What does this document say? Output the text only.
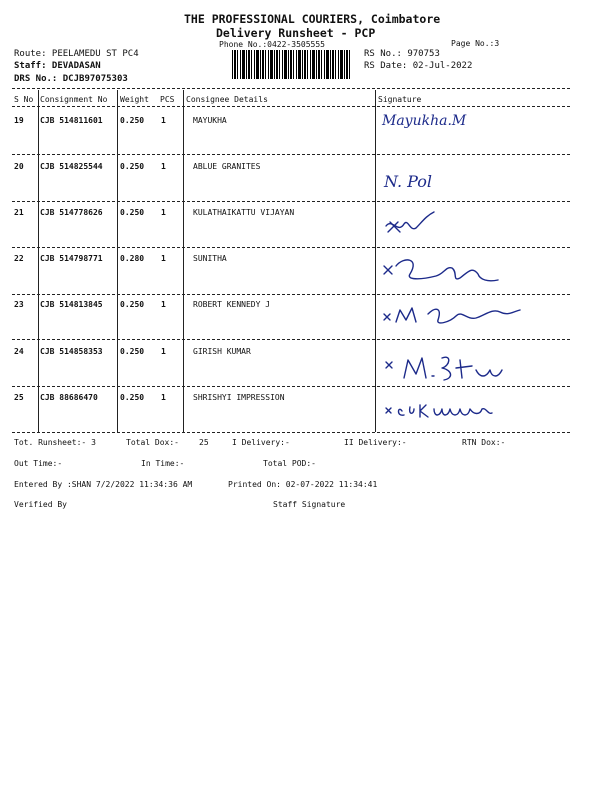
THE PROFESSIONAL COURIERS, Coimbatore
Delivery Runsheet - PCP
Phone No.:0422-3505555	Page No.:3
Route: PEELAMEDU ST PC4
Staff: DEVADASAN
DRS No.: DCJB97075303
RS No.: 970753
RS Date: 02-Jul-2022
S No Consignment No Weight PCS Consignee Details	Signature
19 CJB 514811601 0.250 1	MAYUKHA	Mayukha.M
20 CJB 514825544 0.250 1	ABLUE GRANITES
N. Pol
21 CJB 514778626 0.250 1	KULATHAIKATTU VIJAYAN
22 CJB 514798771 0.280 1	SUNITHA
23 CJB 514813845 0.250 1	ROBERT KENNEDY J
24 CJB 514858353 0.250 1	GIRISH KUMAR
25 CJB 88686470	0.250 1	SHRISHYI IMPRESSION
Tot. Runsheet:- 3	Total Dox:-	25	I Delivery:-	II Delivery:-	RTN Dox:-
Out Time:-	In Time:-	Total POD:-
Entered By :SHAN 7/2/2022 11:34:36 AM	Printed On: 02-07-2022 11:34:41
Verified By	Staff Signature
